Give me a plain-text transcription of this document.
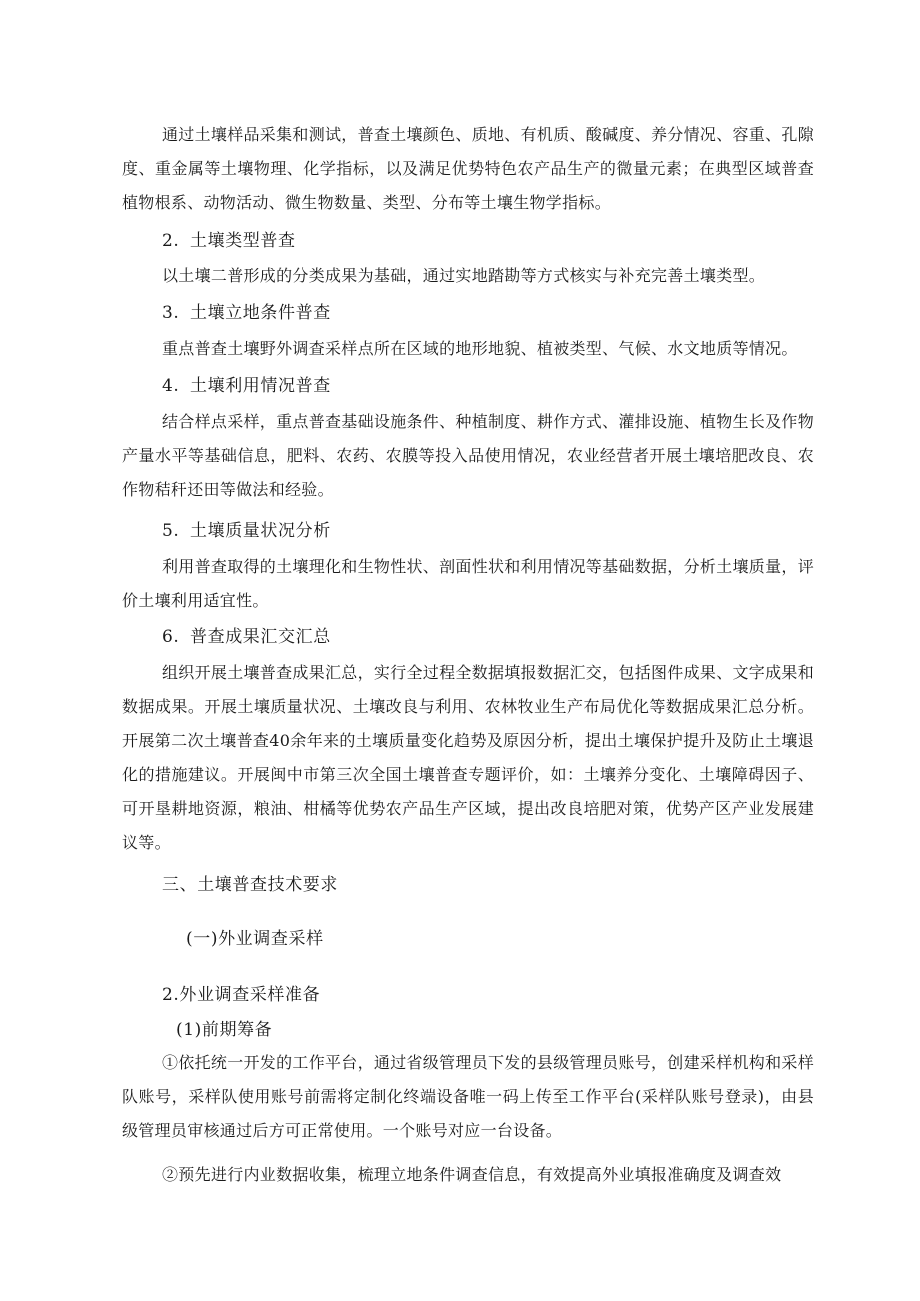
通过土壤样品采集和测试，普查土壤颜色、质地、有机质、酸碱度、养分情况、容重、孔隙度、重金属等土壤物理、化学指标，以及满足优势特色农产品生产的微量元素；在典型区域普查植物根系、动物活动、微生物数量、类型、分布等土壤生物学指标。

2. 土壤类型普查

以土壤二普形成的分类成果为基础，通过实地踏勘等方式核实与补充完善土壤类型。

3. 土壤立地条件普查

重点普查土壤野外调查采样点所在区域的地形地貌、植被类型、气候、水文地质等情况。

4. 土壤利用情况普查

结合样点采样，重点普查基础设施条件、种植制度、耕作方式、灌排设施、植物生长及作物产量水平等基础信息，肥料、农药、农膜等投入品使用情况，农业经营者开展土壤培肥改良、农作物秸秆还田等做法和经验。

5. 土壤质量状况分析

利用普查取得的土壤理化和生物性状、剖面性状和利用情况等基础数据，分析土壤质量，评价土壤利用适宜性。

6. 普查成果汇交汇总

组织开展土壤普查成果汇总，实行全过程全数据填报数据汇交，包括图件成果、文字成果和数据成果。开展土壤质量状况、土壤改良与利用、农林牧业生产布局优化等数据成果汇总分析。开展第二次土壤普查40余年来的土壤质量变化趋势及原因分析，提出土壤保护提升及防止土壤退化的措施建议。开展闽中市第三次全国土壤普查专题评价，如：土壤养分变化、土壤障碍因子、可开垦耕地资源，粮油、柑橘等优势农产品生产区域，提出改良培肥对策，优势产区产业发展建议等。

三、土壤普查技术要求
(一)外业调查采样
2.外业调查采样准备
(1)前期筹备

①依托统一开发的工作平台，通过省级管理员下发的县级管理员账号，创建采样机构和采样队账号，采样队使用账号前需将定制化终端设备唯一码上传至工作平台(采样队账号登录)，由县级管理员审核通过后方可正常使用。一个账号对应一台设备。

②预先进行内业数据收集，梳理立地条件调查信息，有效提高外业填报准确度及调查效
